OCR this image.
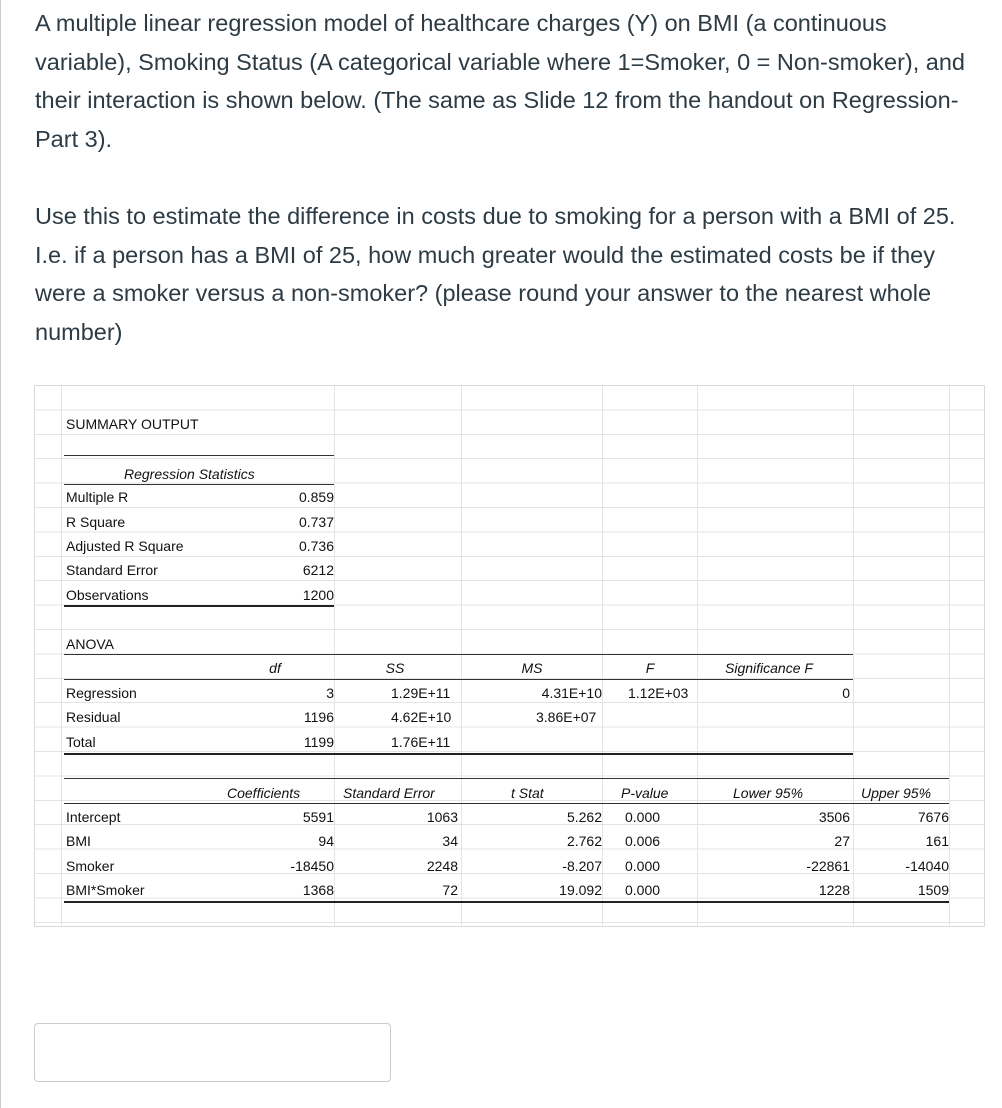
A multiple linear regression model of healthcare charges (Y) on BMI (a continuous variable), Smoking Status (A categorical variable where 1=Smoker, 0 = Non-smoker), and their interaction is shown below. (The same as Slide 12 from the handout on Regression-Part 3).

Use this to estimate the difference in costs due to smoking for a person with a BMI of 25. I.e. if a person has a BMI of 25, how much greater would the estimated costs be if they were a smoker versus a non-smoker? (please round your answer to the nearest whole number)

SUMMARY OUTPUT
Regression Statistics
Multiple R	0.859
R Square	0.737
Adjusted R Square	0.736
Standard Error	6212
Observations	1200
ANOVA
df	SS	MS	F	Significance F
Regression	3	1.29E+11	4.31E+10 1.12E+03	0
Residual	1196	4.62E+10	3.86E+07
Total	1199	1.76E+11
Coefficients	Standard Error	t Stat	P-value	Lower 95%	Upper 95%
Intercept	5591	1063	5.262 0.000	3506	7676
BMI	94	34	2.762 0.006	27	161
Smoker	-18450	2248	-8.207 0.000	-22861	-14040
BMI*Smoker	1368	72	19.092 0.000	1228	1509
